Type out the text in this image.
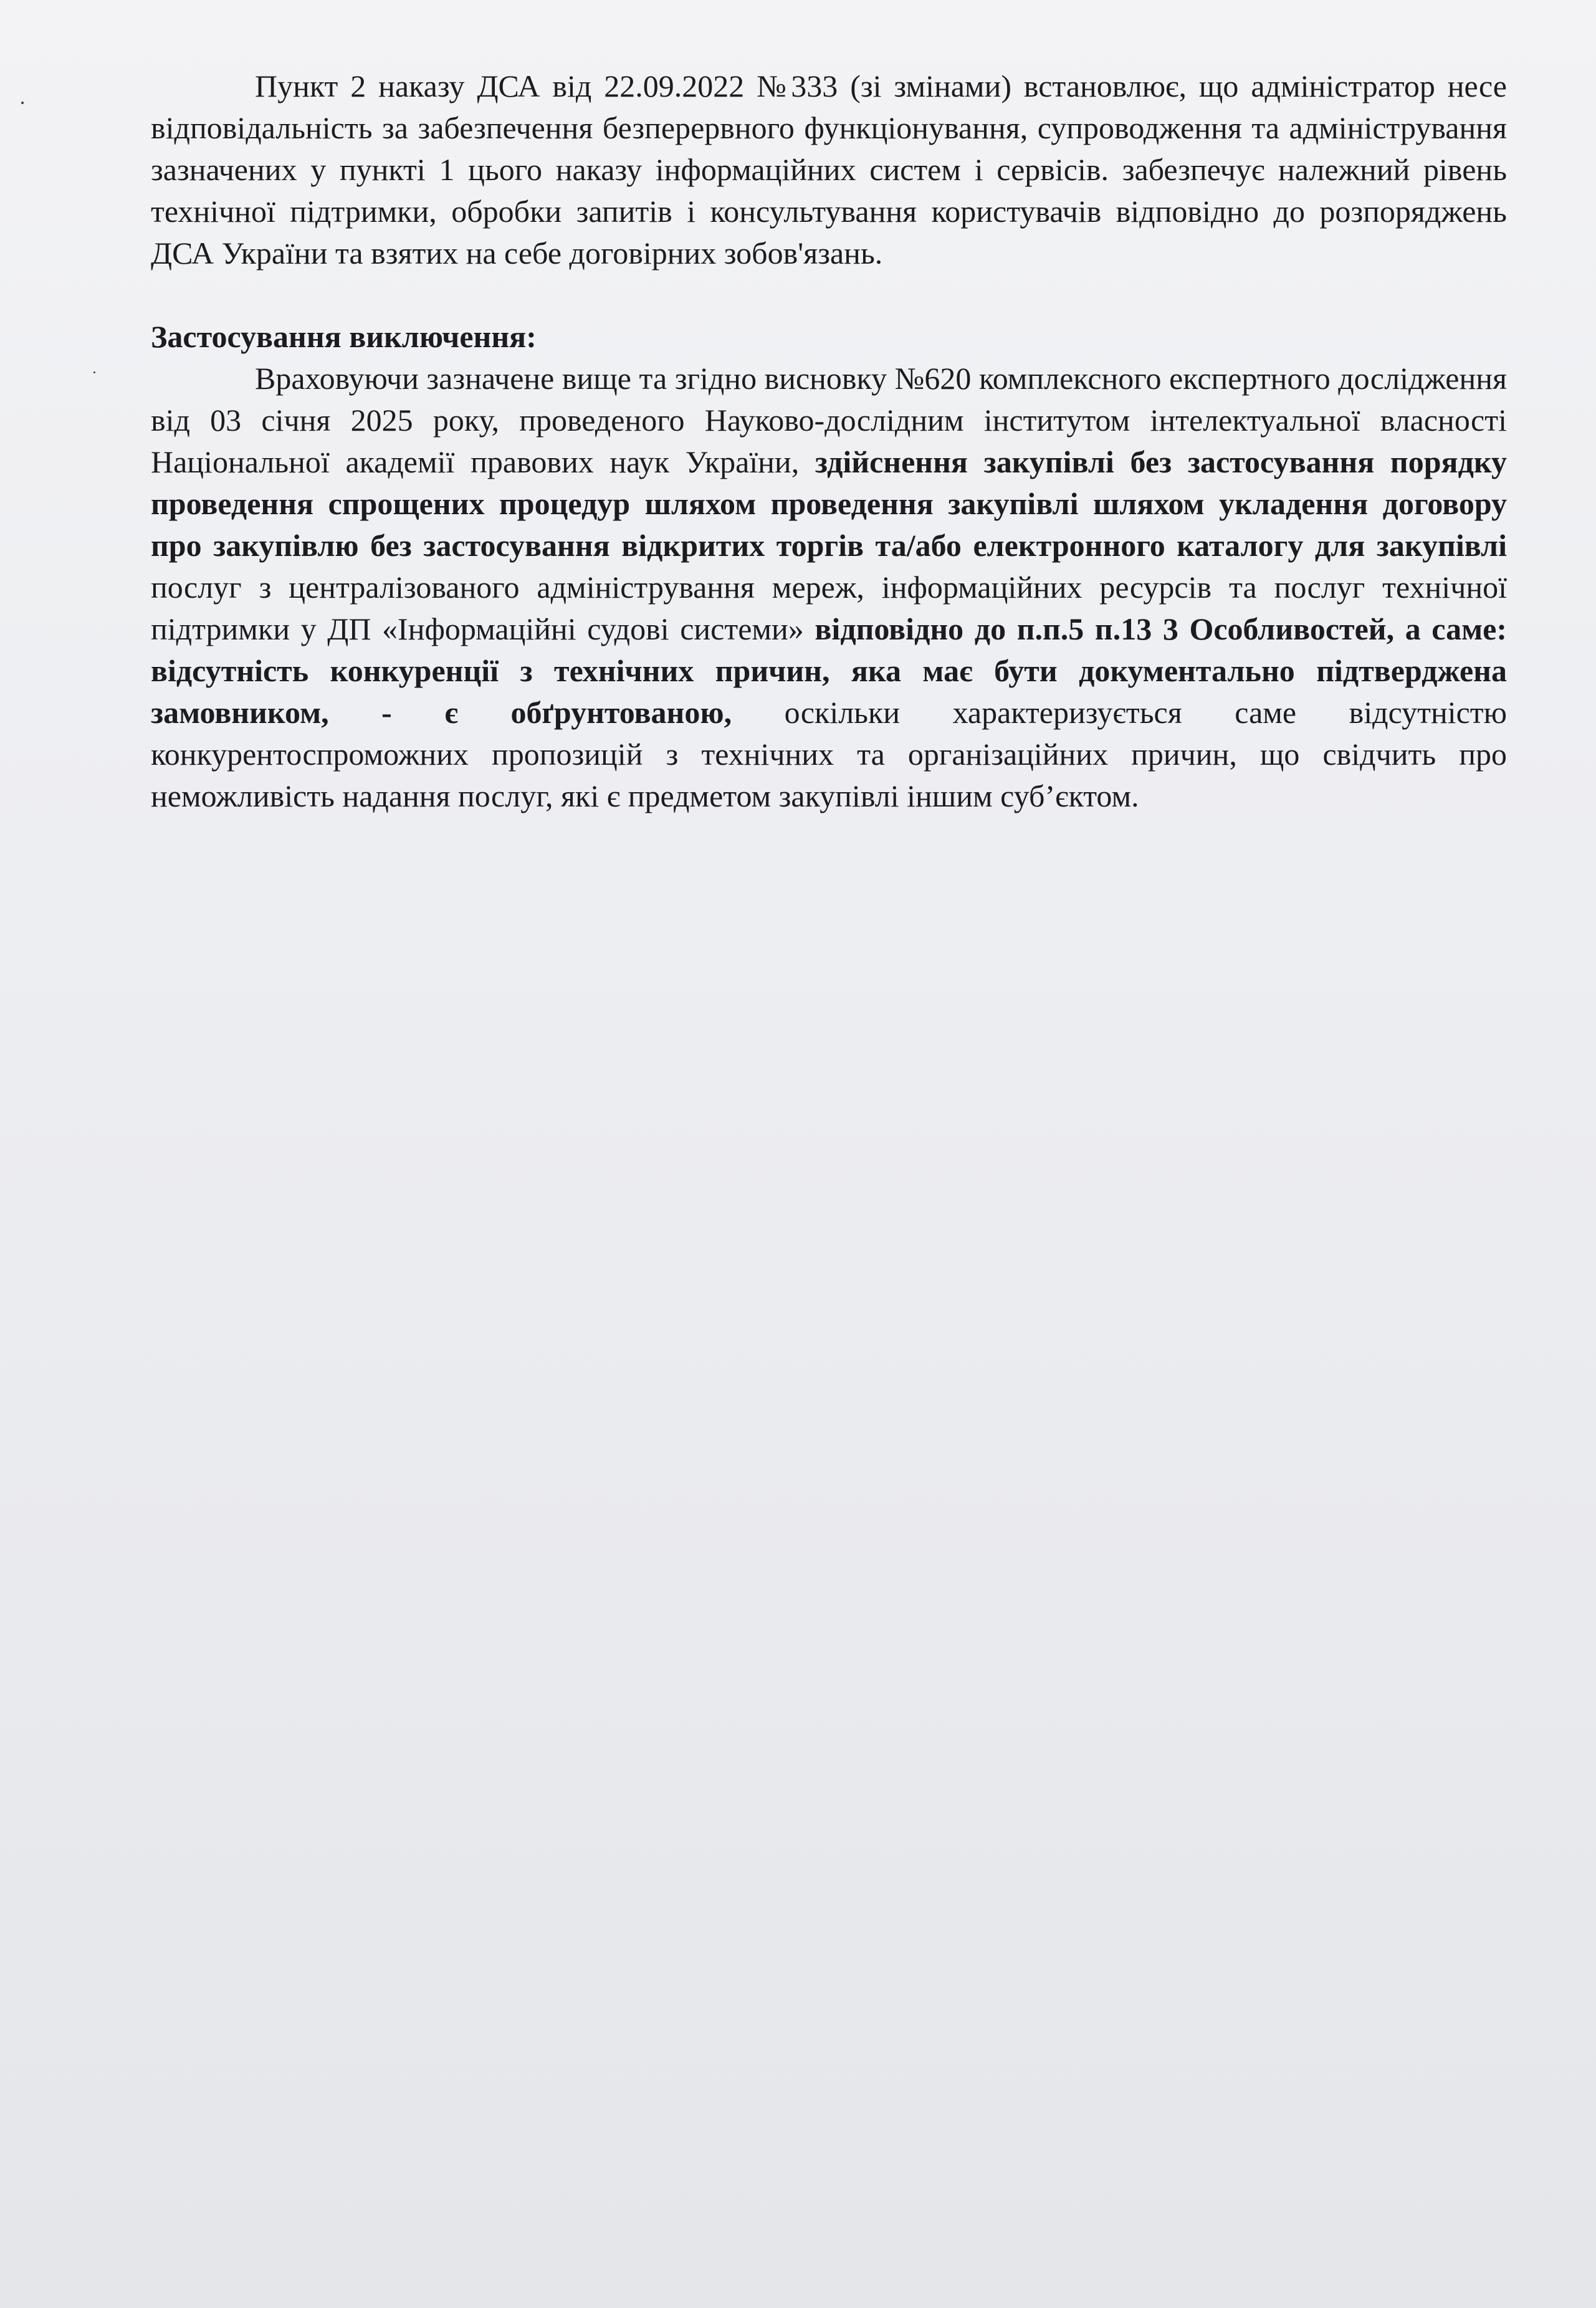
Пункт 2 наказу ДСА від 22.09.2022 №333 (зі змінами) встановлює, що адміністратор несе відповідальність за забезпечення безперервного функціонування, супроводження та адміністрування зазначених у пункті 1 цього наказу інформаційних систем і сервісів. забезпечує належний рівень технічної підтримки, обробки запитів і консультування користувачів відповідно до розпоряджень ДСА України та взятих на себе договірних зобов'язань.

Застосування виключення:

Враховуючи зазначене вище та згідно висновку №620 комплексного експертного дослідження від 03 січня 2025 року, проведеного Науково-дослідним інститутом інтелектуальної власності Національної академії правових наук України, здійснення закупівлі без застосування порядку проведення спрощених процедур шляхом проведення закупівлі шляхом укладення договору про закупівлю без застосування відкритих торгів та/або електронного каталогу для закупівлі послуг з централізованого адміністрування мереж, інформаційних ресурсів та послуг технічної підтримки у ДП «Інформаційні судові системи» відповідно до п.п.5 п.13 3 Особливостей, а саме: відсутність конкуренції з технічних причин, яка має бути документально підтверджена замовником, - є обґрунтованою, оскільки характеризується саме відсутністю конкурентоспроможних пропозицій з технічних та організаційних причин, що свідчить про неможливість надання послуг, які є предметом закупівлі іншим суб’єктом.
